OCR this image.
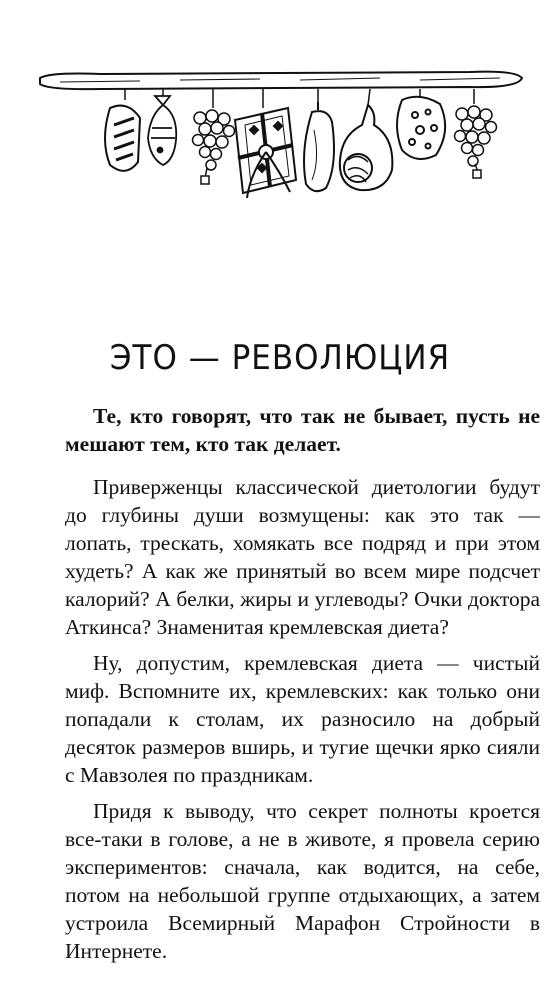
ЭТО — РЕВОЛЮЦИЯ

Те, кто говорят, что так не бывает, пусть не мешают тем, кто так делает.

Приверженцы классической диетологии будут до глубины души возмущены: как это так — лопать, трескать, хомякать все подряд и при этом худеть? А как же принятый во всем мире подсчет калорий? А белки, жиры и углеводы? Очки доктора Аткинса? Знаменитая кремлевская диета?

Ну, допустим, кремлевская диета — чистый миф. Вспомните их, кремлевских: как только они попадали к столам, их разносило на добрый десяток размеров вширь, и тугие щечки ярко сияли с Мавзолея по праздникам.

Придя к выводу, что секрет полноты кроется все-таки в голове, а не в животе, я провела серию экспериментов: сначала, как водится, на себе, потом на небольшой группе отдыхающих, а затем устроила Всемирный Марафон Стройности в Интернете.
